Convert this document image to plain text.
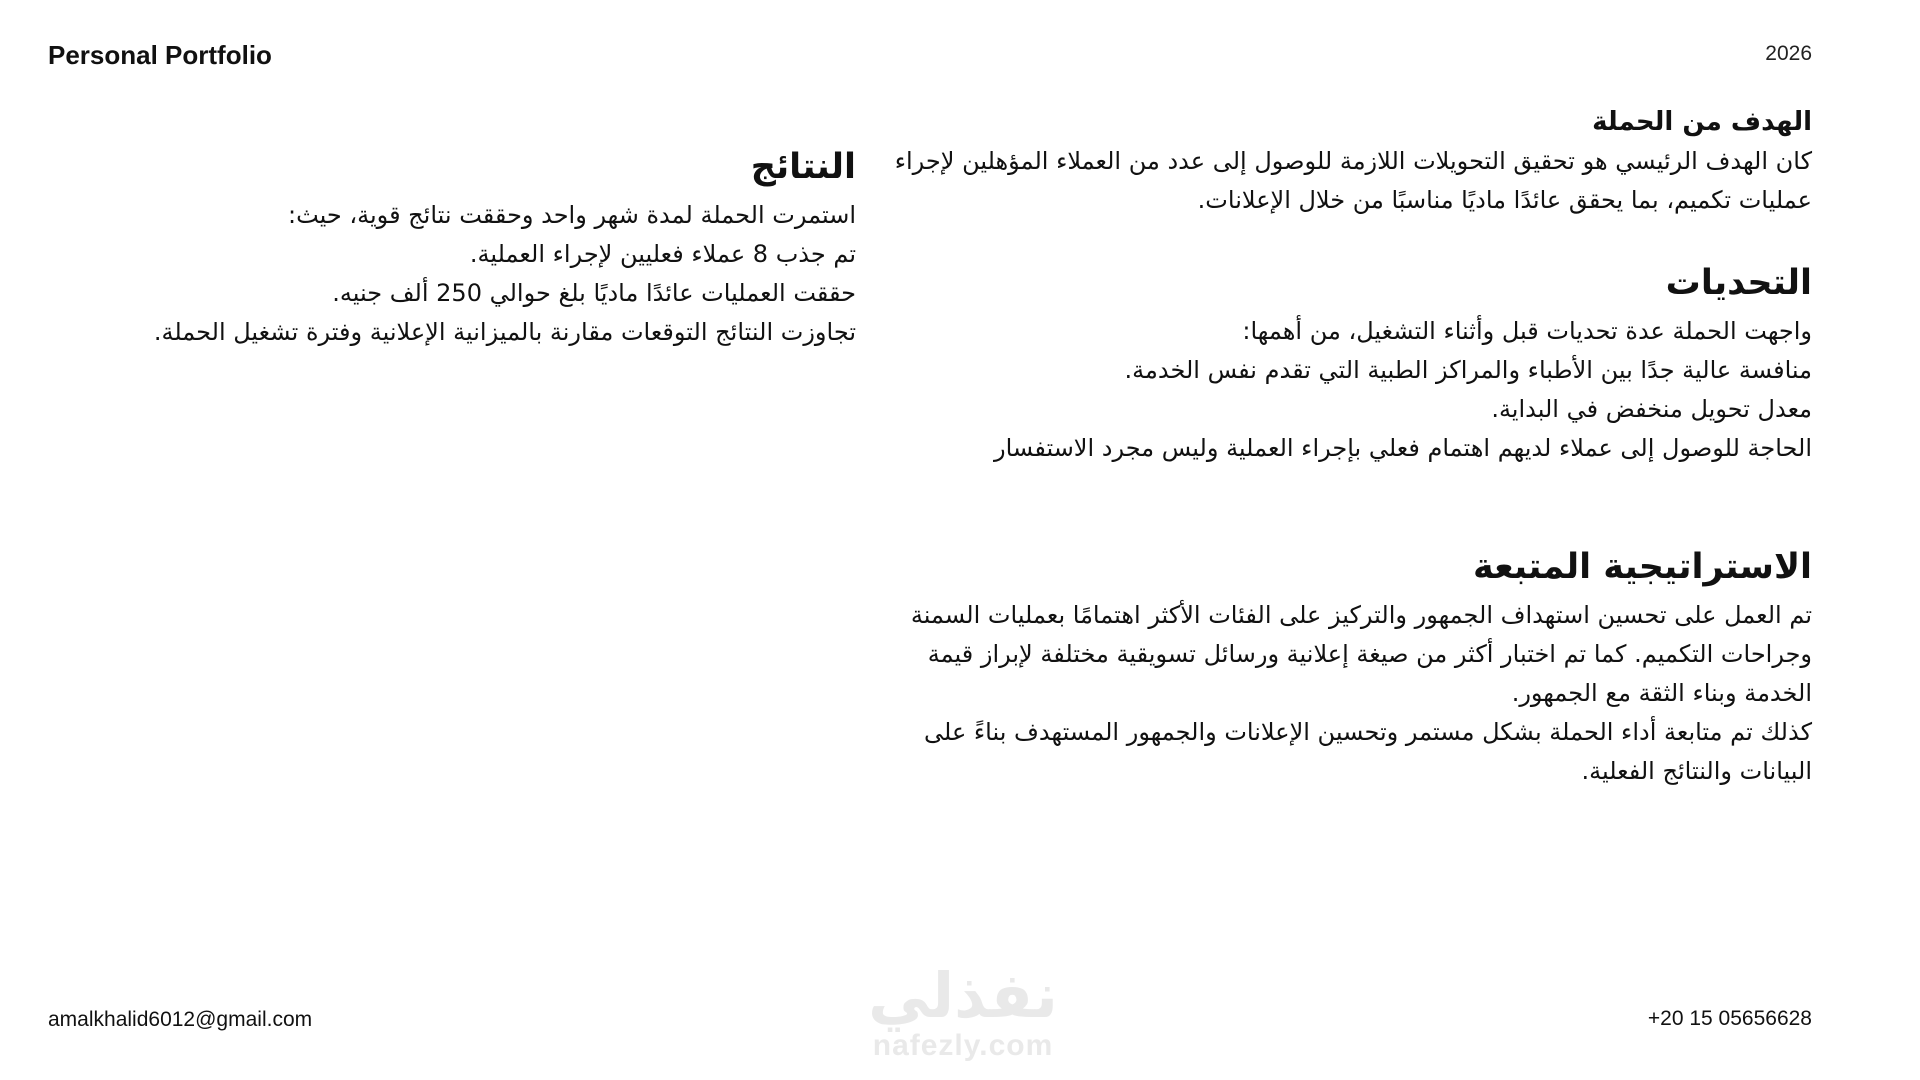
Personal Portfolio	2026
الهدف من الحملة

كان الهدف الرئيسي هو تحقيق التحويلات اللازمة للوصول إلى عدد من العملاء المؤهلين لإجراء عمليات تكميم، بما يحقق عائدًا ماديًا مناسبًا من خلال الإعلانات.

التحديات

واجهت الحملة عدة تحديات قبل وأثناء التشغيل، من أهمها:

منافسة عالية جدًا بين الأطباء والمراكز الطبية التي تقدم نفس الخدمة.

معدل تحويل منخفض في البداية.

الحاجة للوصول إلى عملاء لديهم اهتمام فعلي بإجراء العملية وليس مجرد الاستفسار

الاستراتيجية المتبعة

تم العمل على تحسين استهداف الجمهور والتركيز على الفئات الأكثر اهتمامًا بعمليات السمنة وجراحات التكميم. كما تم اختبار أكثر من صيغة إعلانية ورسائل تسويقية مختلفة لإبراز قيمة الخدمة وبناء الثقة مع الجمهور.

كذلك تم متابعة أداء الحملة بشكل مستمر وتحسين الإعلانات والجمهور المستهدف بناءً على البيانات والنتائج الفعلية.

النتائج

استمرت الحملة لمدة شهر واحد وحققت نتائج قوية، حيث:

تم جذب 8 عملاء فعليين لإجراء العملية.

حققت العمليات عائدًا ماديًا بلغ حوالي 250 ألف جنيه.

تجاوزت النتائج التوقعات مقارنة بالميزانية الإعلانية وفترة تشغيل الحملة.

amalkhalid6012@gmail.com	+20 15 05656628
نفذلي
nafezly.com
